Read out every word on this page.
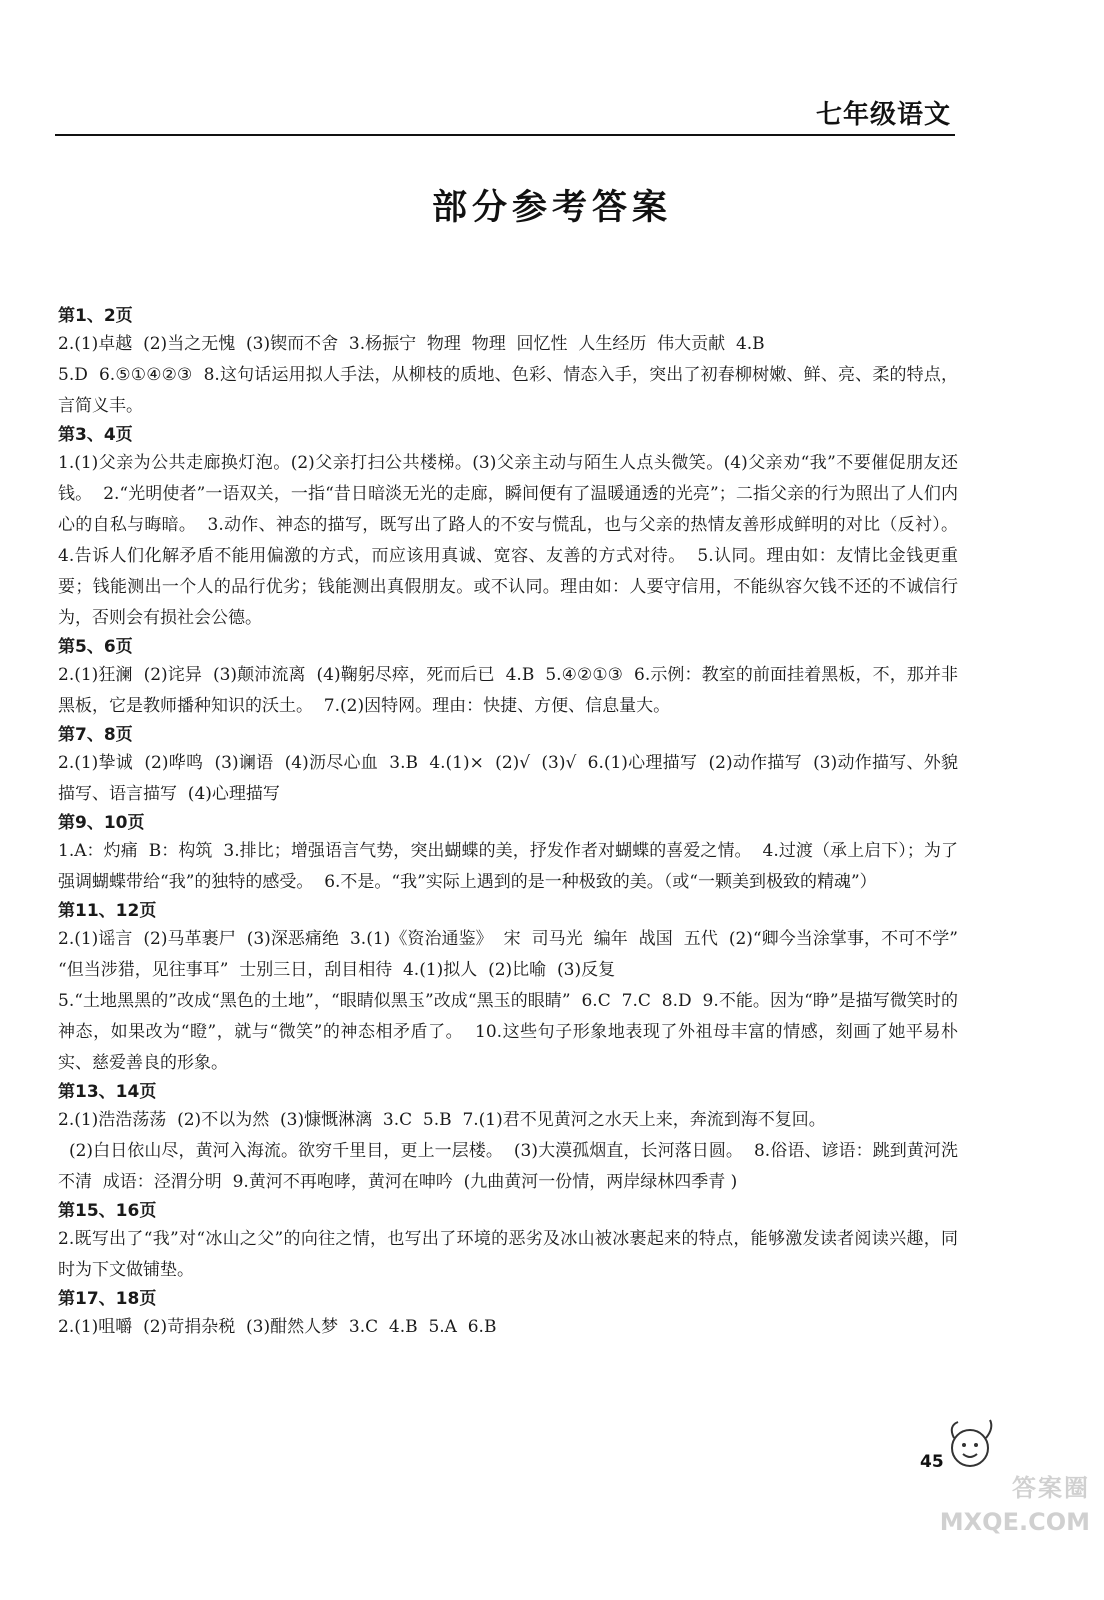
七年级语文
部分参考答案
第1、2页
2.(1)卓越  (2)当之无愧  (3)锲而不舍  3.杨振宁  物理  物理  回忆性  人生经历  伟大贡献  4.B
5.D  6.⑤①④②③  8.这句话运用拟人手法，从柳枝的质地、色彩、情态入手，突出了初春柳树嫩、鲜、亮、柔的特点，言简义丰。
第3、4页
1.(1)父亲为公共走廊换灯泡。(2)父亲打扫公共楼梯。(3)父亲主动与陌生人点头微笑。(4)父亲劝“我”不要催促朋友还钱。  2.“光明使者”一语双关，一指“昔日暗淡无光的走廊，瞬间便有了温暖通透的光亮”；二指父亲的行为照出了人们内心的自私与晦暗。  3.动作、神态的描写，既写出了路人的不安与慌乱，也与父亲的热情友善形成鲜明的对比（反衬）。  4.告诉人们化解矛盾不能用偏激的方式，而应该用真诚、宽容、友善的方式对待。  5.认同。理由如：友情比金钱更重要；钱能测出一个人的品行优劣；钱能测出真假朋友。或不认同。理由如：人要守信用，不能纵容欠钱不还的不诚信行为，否则会有损社会公德。
第5、6页
2.(1)狂澜  (2)诧异  (3)颠沛流离  (4)鞠躬尽瘁，死而后已  4.B  5.④②①③  6.示例：教室的前面挂着黑板，不，那并非黑板，它是教师播种知识的沃土。  7.(2)因特网。理由：快捷、方便、信息量大。
第7、8页
2.(1)挚诚  (2)哗鸣  (3)谰语  (4)沥尽心血  3.B  4.(1)×  (2)√  (3)√  6.(1)心理描写  (2)动作描写  (3)动作描写、外貌描写、语言描写  (4)心理描写
第9、10页
1.A：灼痛  B：构筑  3.排比；增强语言气势，突出蝴蝶的美，抒发作者对蝴蝶的喜爱之情。  4.过渡（承上启下）；为了强调蝴蝶带给“我”的独特的感受。  6.不是。“我”实际上遇到的是一种极致的美。（或“一颗美到极致的精魂”）
第11、12页
2.(1)谣言  (2)马革裹尸  (3)深恶痛绝  3.(1)《资治通鉴》  宋  司马光  编年  战国  五代  (2)“卿今当涂掌事，不可不学”  “但当涉猎，见往事耳”  士别三日，刮目相待  4.(1)拟人  (2)比喻  (3)反复
5.“土地黑黑的”改成“黑色的土地”，“眼睛似黑玉”改成“黑玉的眼睛”  6.C  7.C  8.D  9.不能。因为“睁”是描写微笑时的神态，如果改为“瞪”，就与“微笑”的神态相矛盾了。  10.这些句子形象地表现了外祖母丰富的情感，刻画了她平易朴实、慈爱善良的形象。
第13、14页
2.(1)浩浩荡荡  (2)不以为然  (3)慷慨淋漓  3.C  5.B  7.(1)君不见黄河之水天上来，奔流到海不复回。
(2)白日依山尽，黄河入海流。欲穷千里目，更上一层楼。  (3)大漠孤烟直，长河落日圆。  8.俗语、谚语：跳到黄河洗不清  成语：泾渭分明  9.黄河不再咆哮，黄河在呻吟  (九曲黄河一份情，两岸绿林四季青 )
第15、16页
2.既写出了“我”对“冰山之父”的向往之情，也写出了环境的恶劣及冰山被冰裹起来的特点，能够激发读者阅读兴趣，同时为下文做铺垫。
第17、18页
2.(1)咀嚼  (2)苛捐杂税  (3)酣然人梦  3.C  4.B  5.A  6.B
45
答案圈
MXQE.COM
